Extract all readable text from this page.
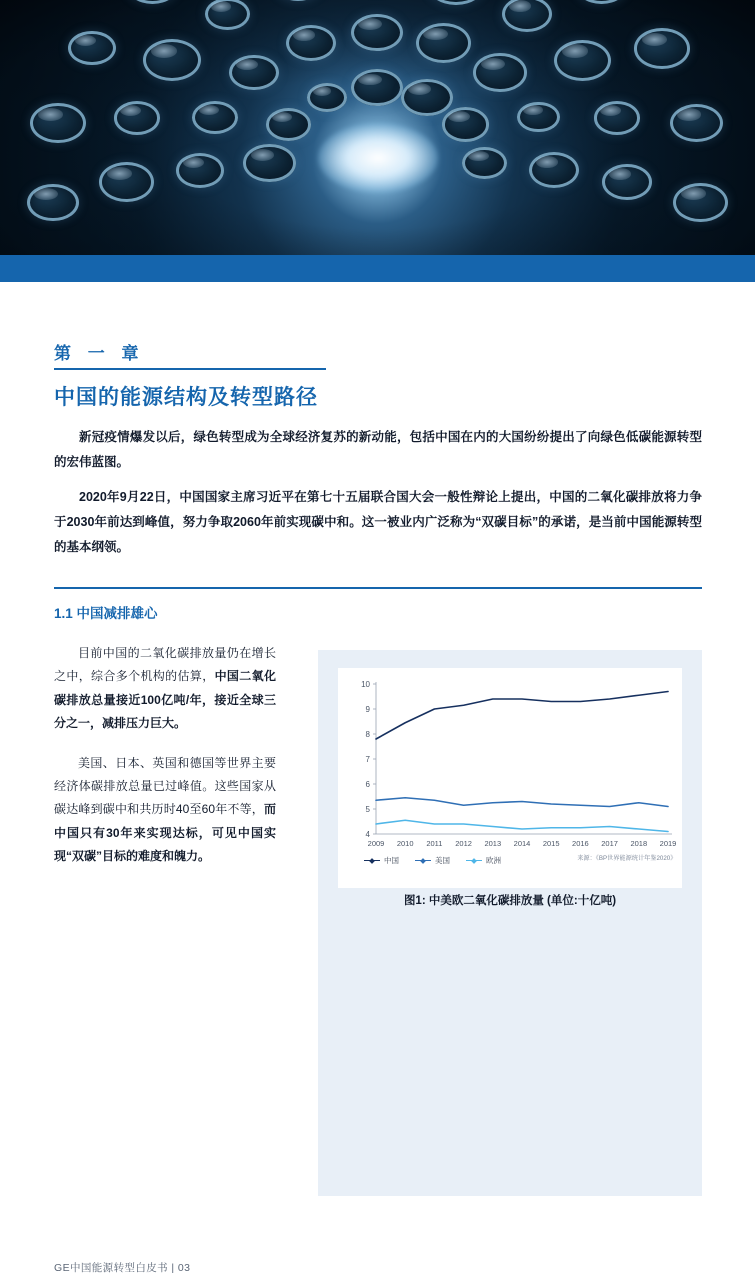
第 一 章
中国的能源结构及转型路径
新冠疫情爆发以后，绿色转型成为全球经济复苏的新动能，包括中国在内的大国纷纷提出了向绿色低碳能源转型的宏伟蓝图。
2020年9月22日，中国国家主席习近平在第七十五届联合国大会一般性辩论上提出，中国的二氧化碳排放将力争于2030年前达到峰值，努力争取2060年前实现碳中和。这一被业内广泛称为“双碳目标”的承诺，是当前中国能源转型的基本纲领。
1.1 中国减排雄心

目前中国的二氧化碳排放量仍在增长之中，综合多个机构的估算，中国二氧化碳排放总量接近100亿吨/年，接近全球三分之一，减排压力巨大。

美国、日本、英国和德国等世界主要经济体碳排放总量已过峰值。这些国家从碳达峰到碳中和共历时40至60年不等，而中国只有30年来实现达标，可见中国实现“双碳”目标的难度和魄力。

4
5
6
7
8
9
10
2009 2010 2011 2012 2013 2014 2015 2016 2017 2018 2019
中国	美国	欧洲	来源：《BP世界能源统计年鉴2020》
图1: 中美欧二氧化碳排放量 (单位:十亿吨)
GE中国能源转型白皮书 | 03
